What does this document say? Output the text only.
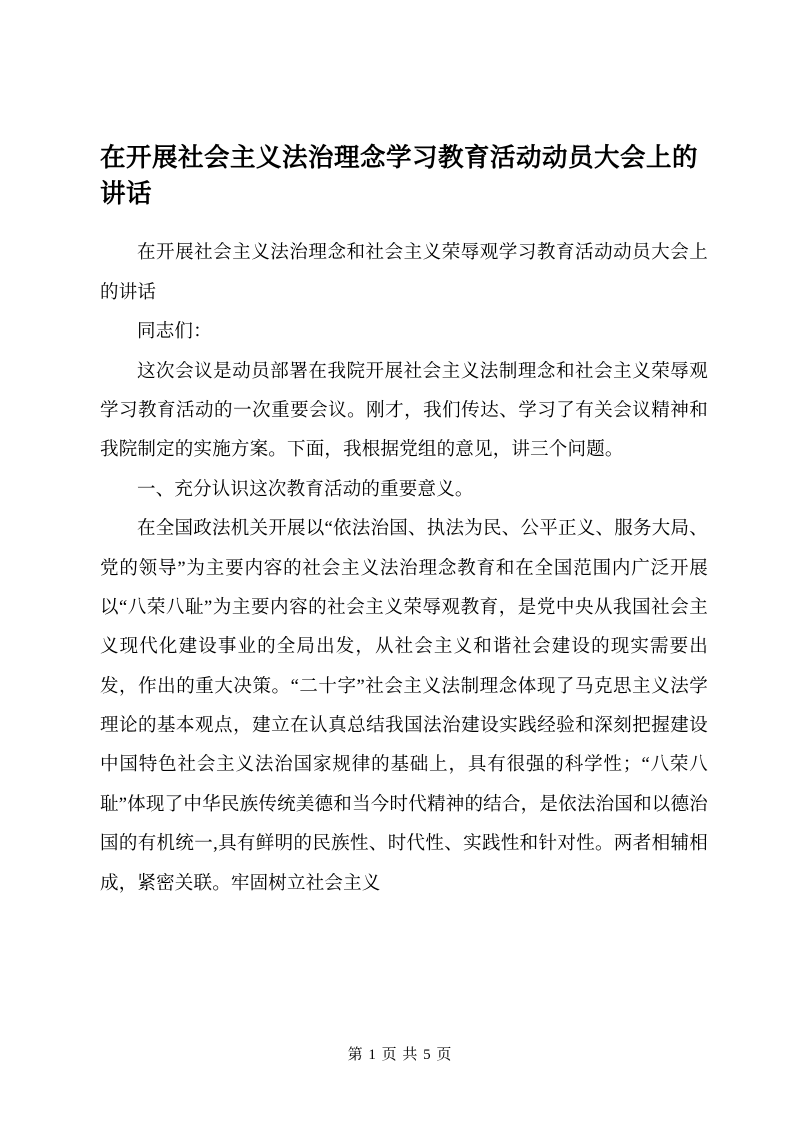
在开展社会主义法治理念学习教育活动动员大会上的讲话

在开展社会主义法治理念和社会主义荣辱观学习教育活动动员大会上的讲话

同志们：

这次会议是动员部署在我院开展社会主义法制理念和社会主义荣辱观学习教育活动的一次重要会议。刚才，我们传达、学习了有关会议精神和我院制定的实施方案。下面，我根据党组的意见，讲三个问题。

一、充分认识这次教育活动的重要意义。

在全国政法机关开展以“依法治国、执法为民、公平正义、服务大局、党的领导”为主要内容的社会主义法治理念教育和在全国范围内广泛开展以“八荣八耻”为主要内容的社会主义荣辱观教育，是党中央从我国社会主义现代化建设事业的全局出发，从社会主义和谐社会建设的现实需要出发，作出的重大决策。“二十字”社会主义法制理念体现了马克思主义法学理论的基本观点，建立在认真总结我国法治建设实践经验和深刻把握建设中国特色社会主义法治国家规律的基础上，具有很强的科学性；“八荣八耻”体现了中华民族传统美德和当今时代精神的结合，是依法治国和以德治国的有机统一,具有鲜明的民族性、时代性、实践性和针对性。两者相辅相成，紧密关联。牢固树立社会主义

第 1 页 共 5 页
